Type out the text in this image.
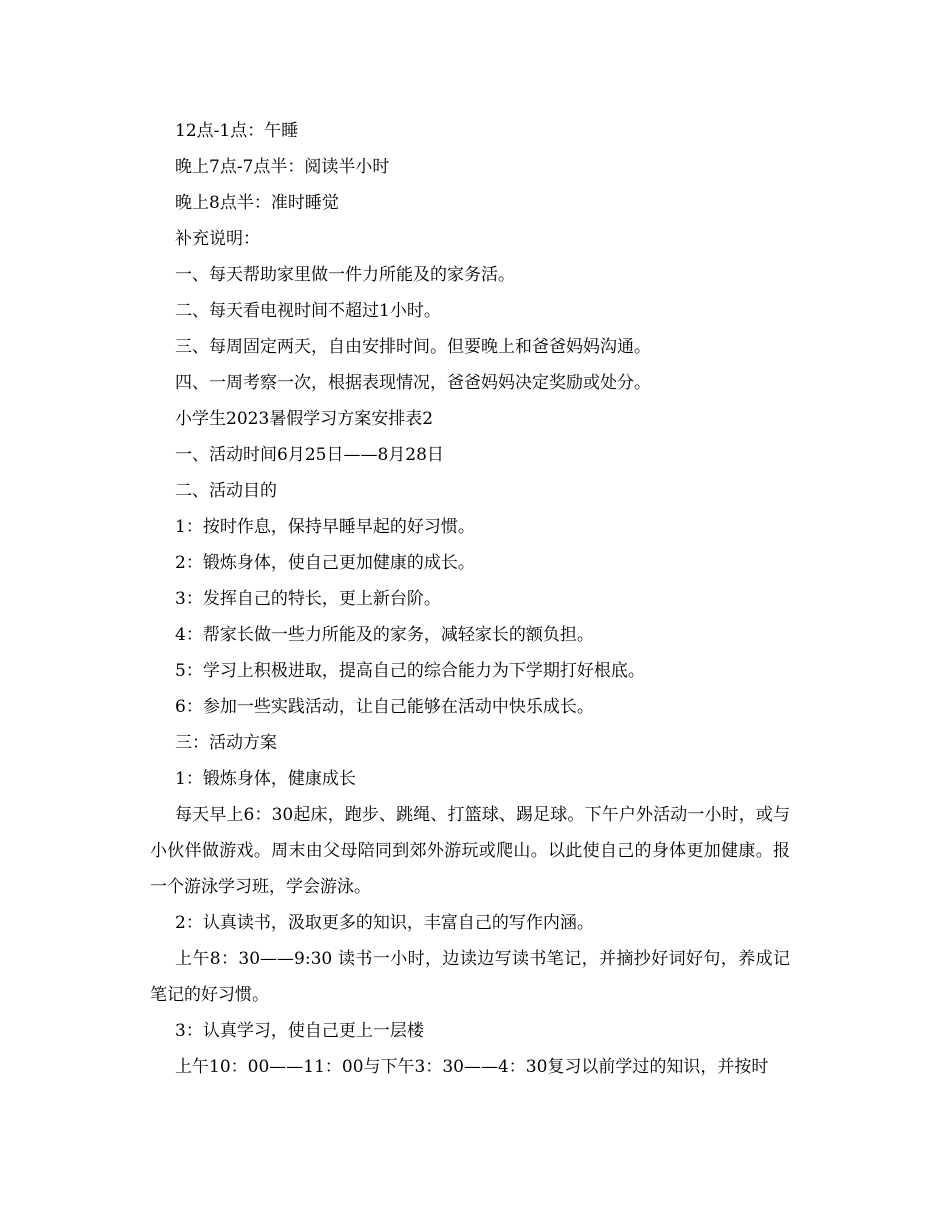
12点-1点：午睡

晚上7点-7点半：阅读半小时

晚上8点半：准时睡觉

补充说明：

一、每天帮助家里做一件力所能及的家务活。

二、每天看电视时间不超过1小时。

三、每周固定两天，自由安排时间。但要晚上和爸爸妈妈沟通。

四、一周考察一次，根据表现情况，爸爸妈妈决定奖励或处分。

小学生2023暑假学习方案安排表2

一、活动时间6月25日——8月28日

二、活动目的

1：按时作息，保持早睡早起的好习惯。

2：锻炼身体，使自己更加健康的成长。

3：发挥自己的特长，更上新台阶。

4：帮家长做一些力所能及的家务，减轻家长的额负担。

5：学习上积极进取，提高自己的综合能力为下学期打好根底。

6：参加一些实践活动，让自己能够在活动中快乐成长。

三：活动方案

1：锻炼身体，健康成长

每天早上6：30起床，跑步、跳绳、打篮球、踢足球。下午户外活动一小时，或与小伙伴做游戏。周末由父母陪同到郊外游玩或爬山。以此使自己的身体更加健康。报一个游泳学习班，学会游泳。

2：认真读书，汲取更多的知识，丰富自己的写作内涵。

上午8：30——9:30 读书一小时，边读边写读书笔记，并摘抄好词好句，养成记笔记的好习惯。

3：认真学习，使自己更上一层楼

上午10：00——11：00与下午3：30——4：30复习以前学过的知识，并按时
